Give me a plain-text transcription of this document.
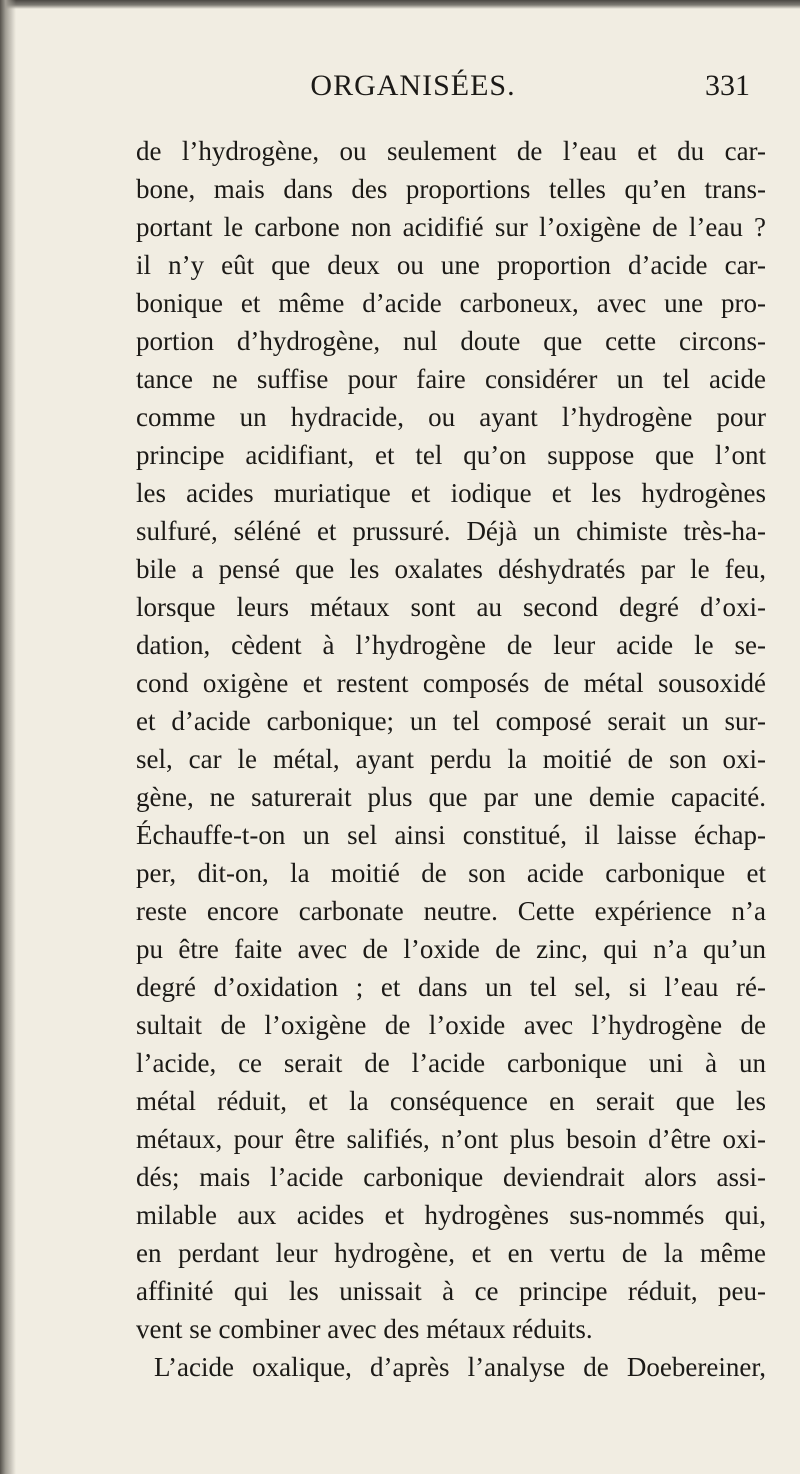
ORGANISÉES.	331
de l’hydrogène, ou seulement de l’eau et du car-
bone, mais dans des proportions telles qu’en trans-
portant le carbone non acidifié sur l’oxigène de l’eau ?
il n’y eût que deux ou une proportion d’acide car-
bonique et même d’acide carboneux, avec une pro-
portion d’hydrogène, nul doute que cette circons-
tance ne suffise pour faire considérer un tel acide
comme un hydracide, ou ayant l’hydrogène pour
principe acidifiant, et tel qu’on suppose que l’ont
les acides muriatique et iodique et les hydrogènes
sulfuré, séléné et prussuré. Déjà un chimiste très-ha-
bile a pensé que les oxalates déshydratés par le feu,
lorsque leurs métaux sont au second degré d’oxi-
dation, cèdent à l’hydrogène de leur acide le se-
cond oxigène et restent composés de métal sousoxidé
et d’acide carbonique; un tel composé serait un sur-
sel, car le métal, ayant perdu la moitié de son oxi-
gène, ne saturerait plus que par une demie capacité.
Échauffe-t-on un sel ainsi constitué, il laisse échap-
per, dit-on, la moitié de son acide carbonique et
reste encore carbonate neutre. Cette expérience n’a
pu être faite avec de l’oxide de zinc, qui n’a qu’un
degré d’oxidation ; et dans un tel sel, si l’eau ré-
sultait de l’oxigène de l’oxide avec l’hydrogène de
l’acide, ce serait de l’acide carbonique uni à un
métal réduit, et la conséquence en serait que les
métaux, pour être salifiés, n’ont plus besoin d’être oxi-
dés; mais l’acide carbonique deviendrait alors assi-
milable aux acides et hydrogènes sus-nommés qui,
en perdant leur hydrogène, et en vertu de la même
affinité qui les unissait à ce principe réduit, peu-
vent se combiner avec des métaux réduits.
L’acide oxalique, d’après l’analyse de Doebereiner,
